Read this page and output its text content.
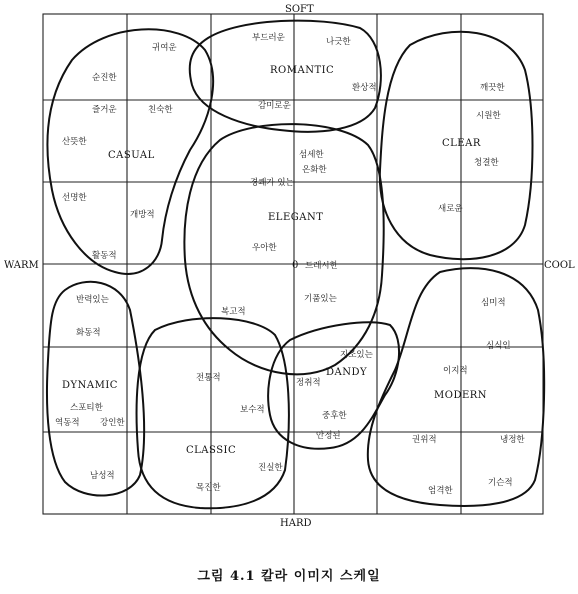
SOFT
HARD
WARM	COOL
0
CASUAL
ROMANTIC
CLEAR
ELEGANT
DYNAMIC
CLASSIC
DANDY
MODERN
귀여운
부드러운	나긋한
순진한
환상적	깨끗한
즐거운	친숙한	감미로운
시원한
산뜻한
섬세한
온화한
청결한
경쾌가 있는
선명한
개방적
새로운
우아한
드레시한
활동적
반력있는
복고적
기품있는	심미적
화동적
지조있는
심식인
전통적	정취적
이지적
스포티한	보수적
중후한
역동적 강인한
안정된	권위적	냉정한
진실한
남성적
기슨적
목진한	엄격한
그림 4.1 칼라 이미지 스케일
